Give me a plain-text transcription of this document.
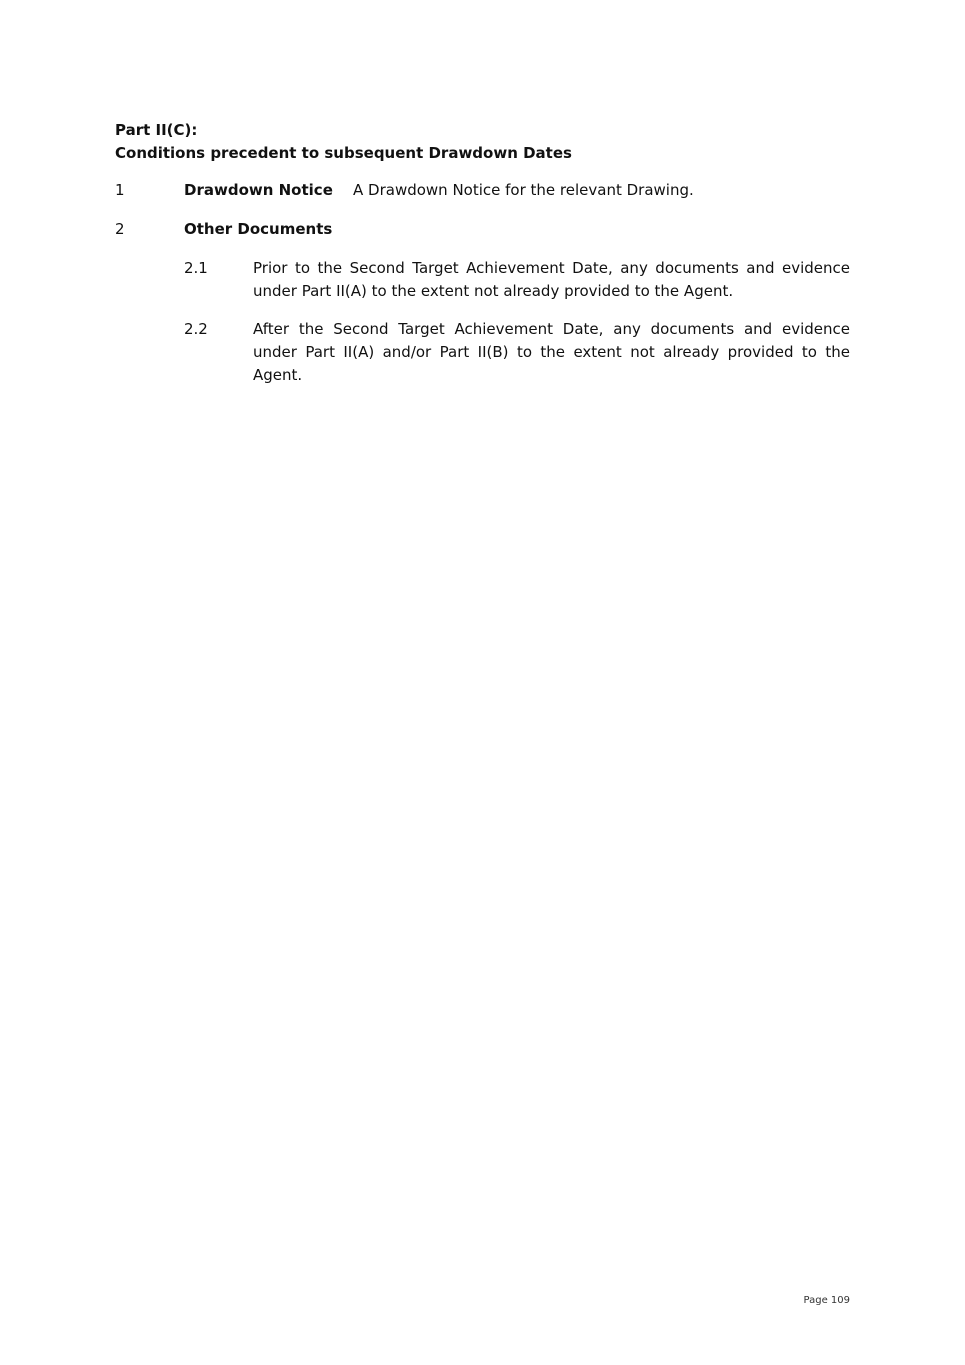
Part II(C):
Conditions precedent to subsequent Drawdown Dates
1	Drawdown Notice A Drawdown Notice for the relevant Drawing.
2	Other Documents
2.1	Prior to the Second Target Achievement Date, any documents and evidence under Part II(A) to the extent not already provided to the Agent.
2.2	After the Second Target Achievement Date, any documents and evidence under Part II(A) and/or Part II(B) to the extent not already provided to the Agent.
Page 109
